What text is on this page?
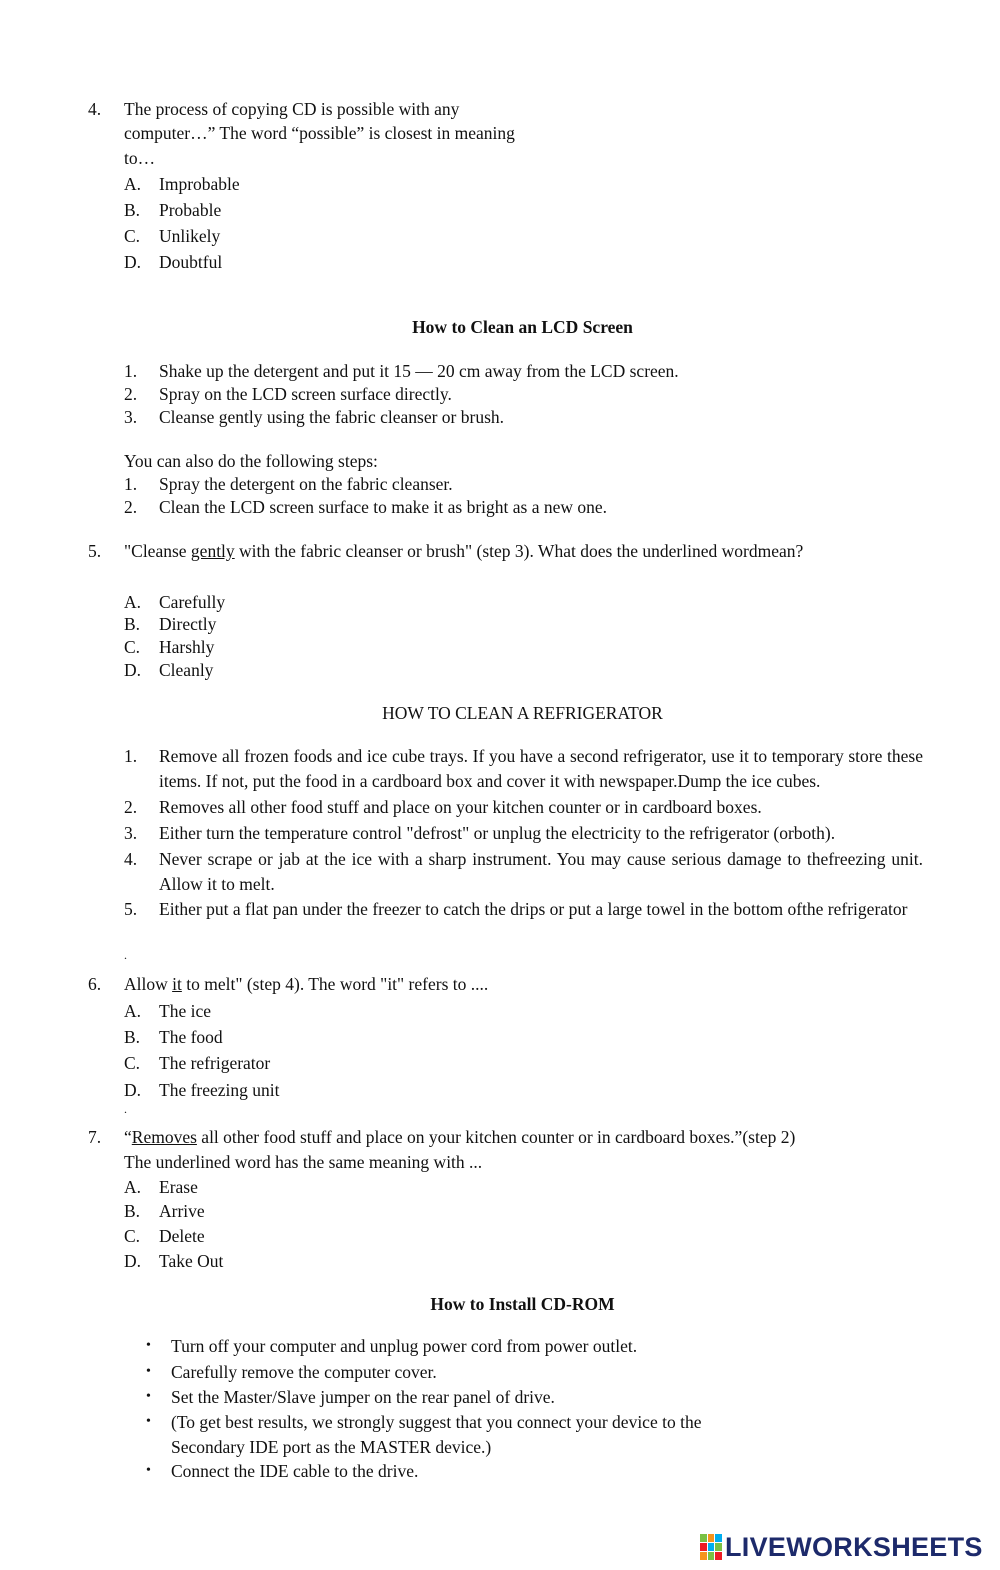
4. The process of copying CD is possible with any
computer…” The word “possible” is closest in meaning
to…
A. Improbable
B. Probable
C. Unlikely
D. Doubtful
How to Clean an LCD Screen
1. Shake up the detergent and put it 15 — 20 cm away from the LCD screen.
2. Spray on the LCD screen surface directly.
3. Cleanse gently using the fabric cleanser or brush.
You can also do the following steps:
1. Spray the detergent on the fabric cleanser.
2. Clean the LCD screen surface to make it as bright as a new one.
5. "Cleanse gently with the fabric cleanser or brush" (step 3). What does the underlined wordmean?
A. Carefully
B. Directly
C. Harshly
D. Cleanly
HOW TO CLEAN A REFRIGERATOR
1. Remove all frozen foods and ice cube trays. If you have a second refrigerator, use it to temporary store these items. If not, put the food in a cardboard box and cover it with newspaper.Dump the ice cubes.
2. Removes all other food stuff and place on your kitchen counter or in cardboard boxes.
3. Either turn the temperature control "defrost" or unplug the electricity to the refrigerator (orboth).
4. Never scrape or jab at the ice with a sharp instrument. You may cause serious damage to thefreezing unit. Allow it to melt.
5. Either put a flat pan under the freezer to catch the drips or put a large towel in the bottom ofthe refrigerator
.
6. Allow it to melt" (step 4). The word "it" refers to ....
A. The ice
B. The food
C. The refrigerator
D. The freezing unit
.
7. “Removes all other food stuff and place on your kitchen counter or in cardboard boxes.”(step 2)
The underlined word has the same meaning with ...
A. Erase
B. Arrive
C. Delete
D. Take Out
How to Install CD-ROM
• Turn off your computer and unplug power cord from power outlet.
• Carefully remove the computer cover.
• Set the Master/Slave jumper on the rear panel of drive.
• (To get best results, we strongly suggest that you connect your device to the
Secondary IDE port as the MASTER device.)
• Connect the IDE cable to the drive.
LIVEWORKSHEETS
